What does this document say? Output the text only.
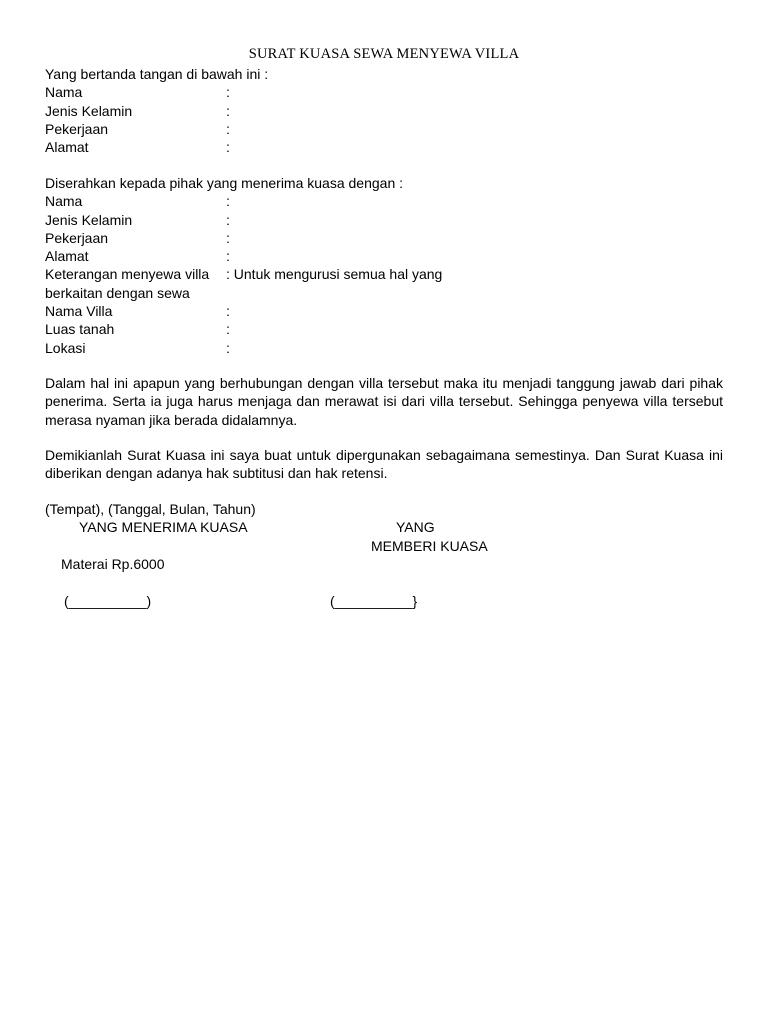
SURAT KUASA SEWA MENYEWA VILLA
Yang bertanda tangan di bawah ini :
Nama	:
Jenis Kelamin	:
Pekerjaan	:
Alamat	:
Diserahkan kepada pihak yang menerima kuasa dengan :
Nama	:
Jenis Kelamin	:
Pekerjaan	:
Alamat	:
Keterangan menyewa villa : Untuk mengurusi semua hal yang
berkaitan dengan sewa
Nama Villa	:
Luas tanah	:
Lokasi	:
Dalam hal ini apapun yang berhubungan dengan villa tersebut maka itu menjadi tanggung jawab dari pihak penerima. Serta ia juga harus menjaga dan merawat isi dari villa tersebut. Sehingga penyewa villa tersebut merasa nyaman jika berada didalamnya.
Demikianlah Surat Kuasa ini saya buat untuk dipergunakan sebagaimana semestinya. Dan Surat Kuasa ini diberikan dengan adanya hak subtitusi dan hak retensi.
(Tempat), (Tanggal, Bulan, Tahun)
YANG MENERIMA KUASA	YANG
MEMBERI KUASA
Materai Rp.6000
(__________)	(__________}
